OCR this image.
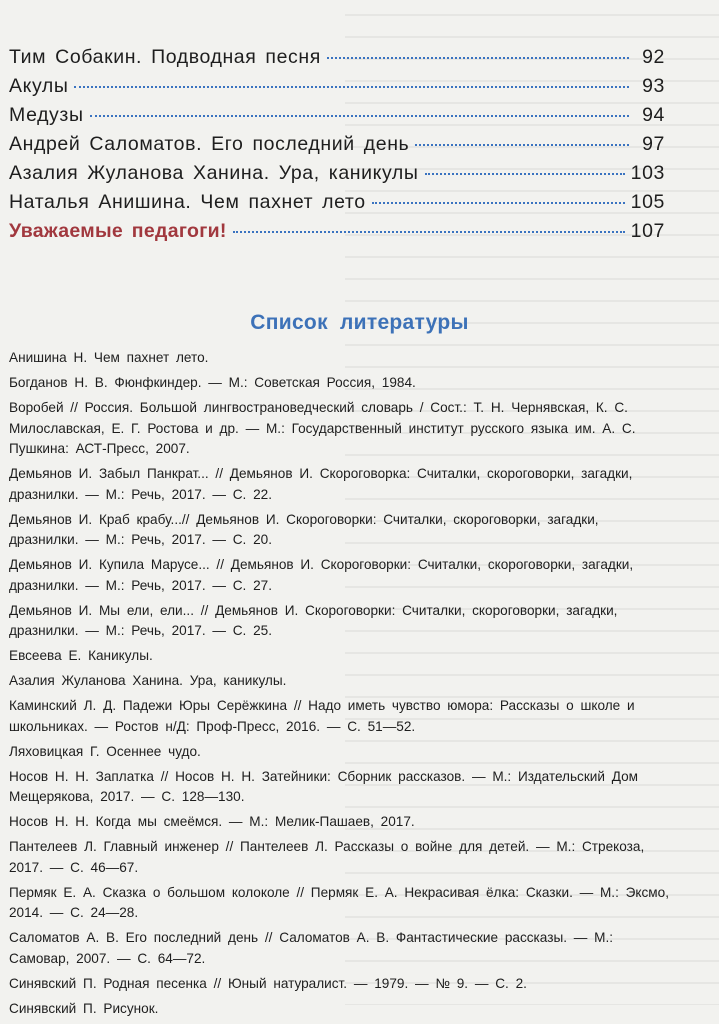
Тим Собакин. Подводная песня	92
Акулы	93
Медузы	94
Андрей Саломатов. Его последний день	97
Азалия Жуланова Ханина. Ура, каникулы	103
Наталья Анишина. Чем пахнет лето	105
Уважаемые педагоги!	107
Список литературы

Анишина Н. Чем пахнет лето.

Богданов Н. В. Фюнфкиндер. — М.: Советская Россия, 1984.

Воробей // Россия. Большой лингвострановедческий словарь / Сост.: Т. Н. Чернявская, К. С. Милославская, Е. Г. Ростова и др. — М.: Государственный институт русского языка им. А. С. Пушкина: АСТ-Пресс, 2007.

Демьянов И. Забыл Панкрат... // Демьянов И. Скороговорка: Считалки, скороговорки, загадки, дразнилки. — М.: Речь, 2017. — С. 22.

Демьянов И. Краб крабу...// Демьянов И. Скороговорки: Считалки, скороговорки, загадки, дразнилки. — М.: Речь, 2017. — С. 20.

Демьянов И. Купила Марусе... // Демьянов И. Скороговорки: Считалки, скороговорки, загадки, дразнилки. — М.: Речь, 2017. — С. 27.

Демьянов И. Мы ели, ели... // Демьянов И. Скороговорки: Считалки, скороговорки, загадки, дразнилки. — М.: Речь, 2017. — С. 25.

Евсеева Е. Каникулы.

Азалия Жуланова Ханина. Ура, каникулы.

Каминский Л. Д. Падежи Юры Серёжкина // Надо иметь чувство юмора: Рассказы о школе и школьниках. — Ростов н/Д: Проф-Пресс, 2016. — С. 51—52.

Ляховицкая Г. Осеннее чудо.

Носов Н. Н. Заплатка // Носов Н. Н. Затейники: Сборник рассказов. — М.: Издательский Дом Мещерякова, 2017. — С. 128—130.

Носов Н. Н. Когда мы смеёмся. — М.: Мелик-Пашаев, 2017.

Пантелеев Л. Главный инженер // Пантелеев Л. Рассказы о войне для детей. — М.: Стрекоза, 2017. — С. 46—67.

Пермяк Е. А. Сказка о большом колоколе // Пермяк Е. А. Некрасивая ёлка: Сказки. — М.: Эксмо, 2014. — С. 24—28.

Саломатов А. В. Его последний день // Саломатов А. В. Фантастические рассказы. — М.: Самовар, 2007. — С. 64—72.

Синявский П. Родная песенка // Юный натуралист. — 1979. — № 9. — С. 2.

Синявский П. Рисунок.
